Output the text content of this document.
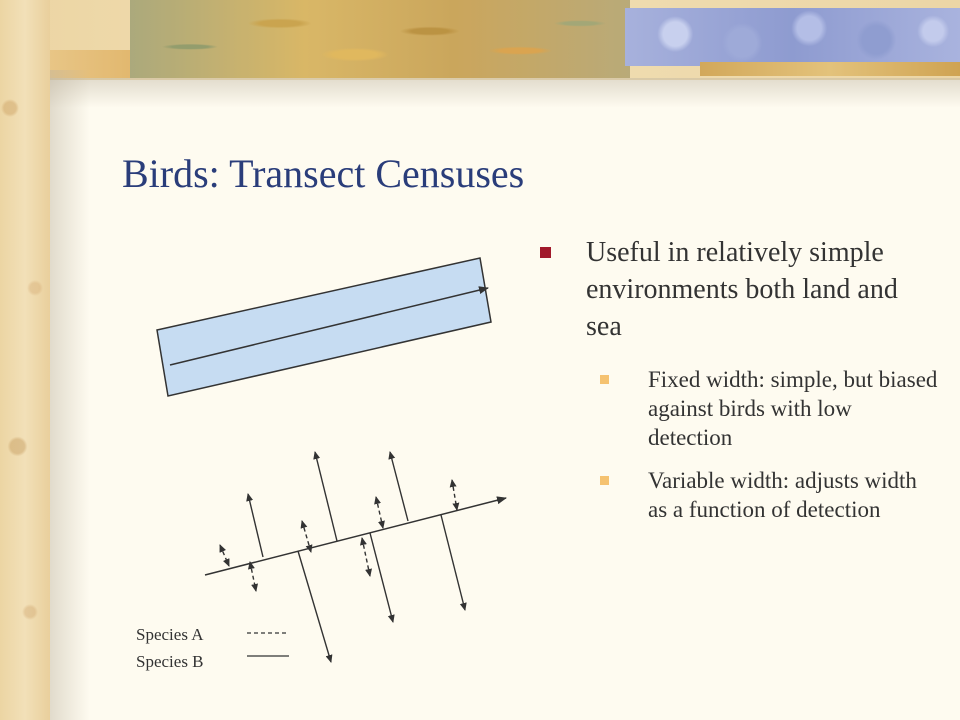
Birds: Transect Censuses
Useful in relatively simple environments both land and sea
Fixed width: simple, but biased against birds with low detection
Variable width: adjusts width as a function of detection
Species A
Species B
